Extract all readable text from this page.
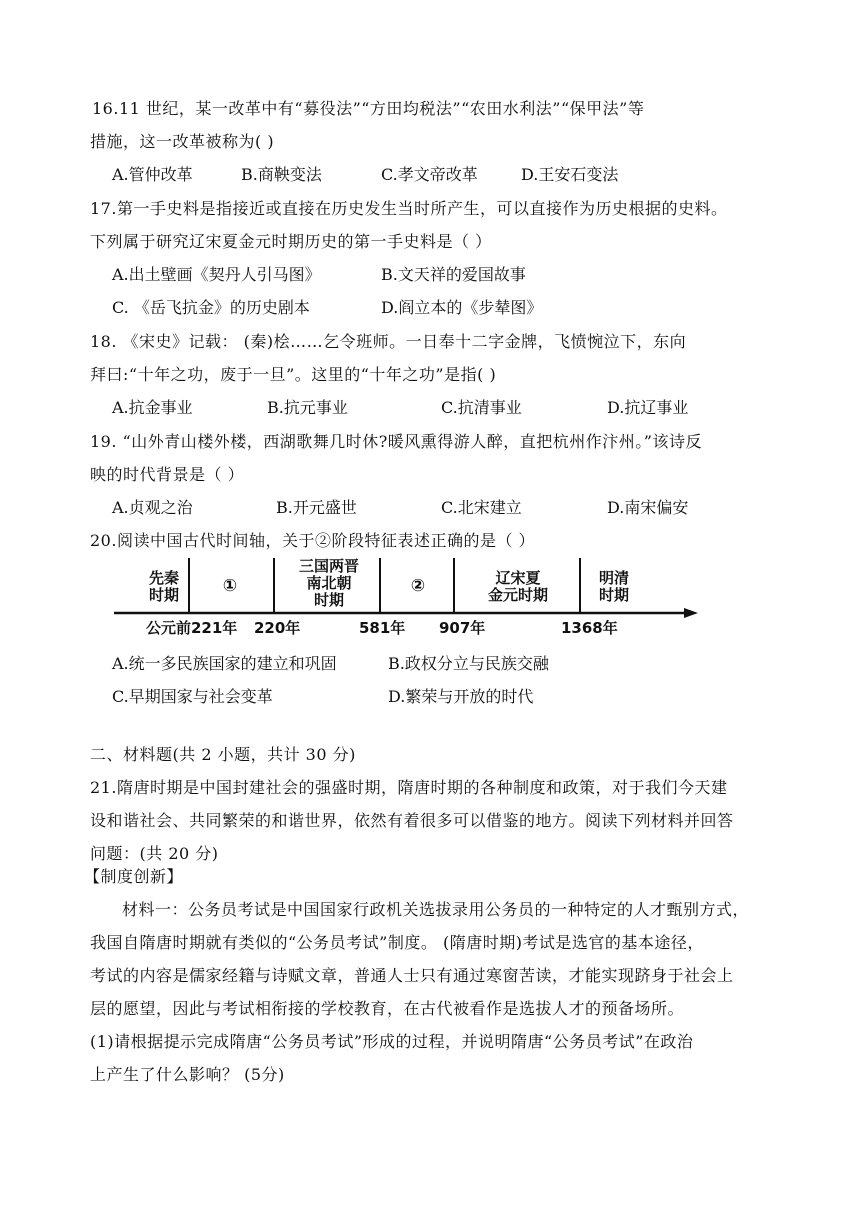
16.11 世纪，某一改革中有“募役法”“方田均税法”“农田水利法”“保甲法”等
措施，这一改革被称为( )
A.管仲改革	B.商鞅变法	C.孝文帝改革	D.王安石变法
17.第一手史料是指接近或直接在历史发生当时所产生，可以直接作为历史根据的史料。
下列属于研究辽宋夏金元时期历史的第一手史料是（ ）
A.出土壁画《契丹人引马图》	B.文天祥的爱国故事
C. 《岳飞抗金》的历史剧本	D.阎立本的《步辇图》
18. 《宋史》记载： (秦)桧……乞令班师。一日奉十二字金牌，飞愤惋泣下，东向
拜曰:“十年之功，废于一旦”。这里的“十年之功”是指( )
A.抗金事业	B.抗元事业	C.抗清事业	D.抗辽事业
19. “山外青山楼外楼，西湖歌舞几时休?暖风熏得游人醉，直把杭州作汴州。”该诗反
映的时代背景是（ ）
A.贞观之治	B.开元盛世	C.北宋建立	D.南宋偏安
20.阅读中国古代时间轴，关于②阶段特征表述正确的是（ ）
先秦
时期	①
三国两晋
南北朝
时期
②	辽宋夏
金元时期
明清
时期
公元前221年 220年	581年 907年	1368年
A.统一多民族国家的建立和巩固	B.政权分立与民族交融
C.早期国家与社会变革	D.繁荣与开放的时代
二、材料题(共 2 小题，共计 30 分)
21.隋唐时期是中国封建社会的强盛时期，隋唐时期的各种制度和政策，对于我们今天建
设和谐社会、共同繁荣的和谐世界，依然有着很多可以借鉴的地方。阅读下列材料并回答
问题：(共 20 分)
【制度创新】
材料一：公务员考试是中国国家行政机关选拔录用公务员的一种特定的人才甄别方式，
我国自隋唐时期就有类似的“公务员考试”制度。 (隋唐时期)考试是选官的基本途径，
考试的内容是儒家经籍与诗赋文章，普通人士只有通过寒窗苦读，才能实现跻身于社会上
层的愿望，因此与考试相衔接的学校教育，在古代被看作是选拔人才的预备场所。
(1)请根据提示完成隋唐“公务员考试”形成的过程，并说明隋唐“公务员考试”在政治
上产生了什么影响？ (5分)
